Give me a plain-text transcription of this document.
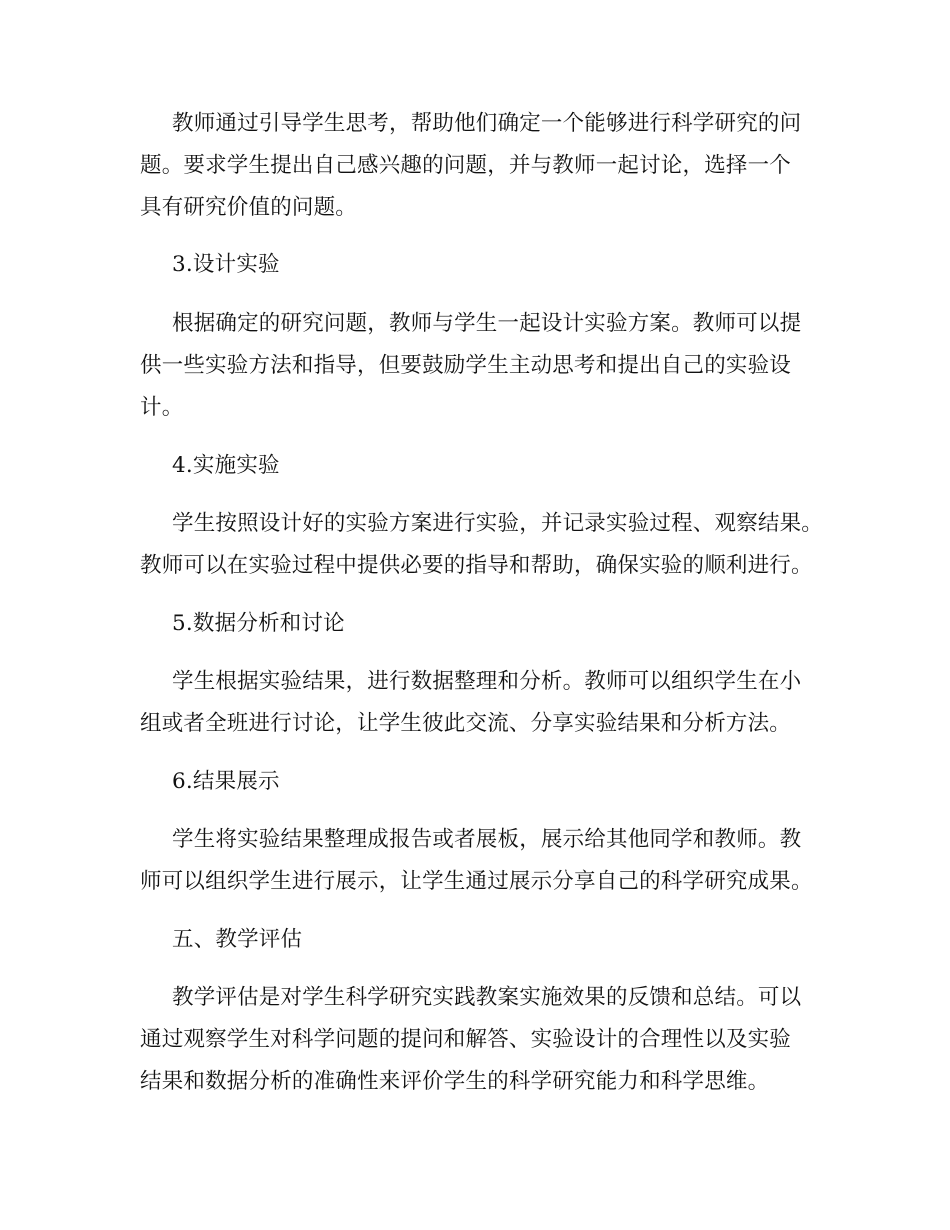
教师通过引导学生思考，帮助他们确定一个能够进行科学研究的问
题。要求学生提出自己感兴趣的问题，并与教师一起讨论，选择一个
具有研究价值的问题。
3.设计实验
根据确定的研究问题，教师与学生一起设计实验方案。教师可以提
供一些实验方法和指导，但要鼓励学生主动思考和提出自己的实验设
计。
4.实施实验
学生按照设计好的实验方案进行实验，并记录实验过程、观察结果。
教师可以在实验过程中提供必要的指导和帮助，确保实验的顺利进行。
5.数据分析和讨论
学生根据实验结果，进行数据整理和分析。教师可以组织学生在小
组或者全班进行讨论，让学生彼此交流、分享实验结果和分析方法。
6.结果展示
学生将实验结果整理成报告或者展板，展示给其他同学和教师。教
师可以组织学生进行展示，让学生通过展示分享自己的科学研究成果。
五、教学评估
教学评估是对学生科学研究实践教案实施效果的反馈和总结。可以
通过观察学生对科学问题的提问和解答、实验设计的合理性以及实验
结果和数据分析的准确性来评价学生的科学研究能力和科学思维。
